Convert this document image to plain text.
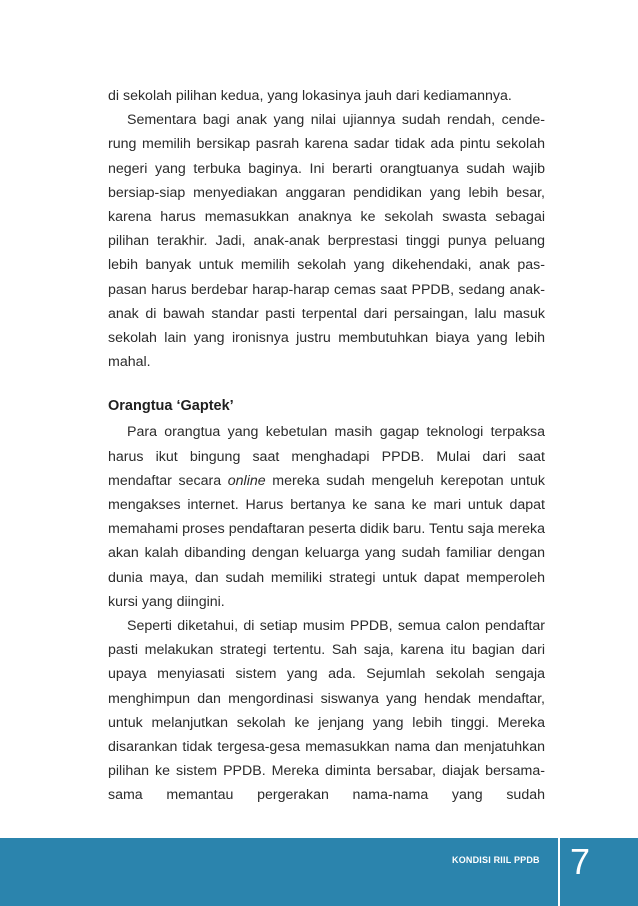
di sekolah pilihan kedua, yang lokasinya jauh dari kediamannya.

Sementara bagi anak yang nilai ujiannya sudah rendah, cenderung memilih bersikap pasrah karena sadar tidak ada pintu sekolah negeri yang terbuka baginya. Ini berarti orangtuanya sudah wajib bersiap-siap menyediakan anggaran pendidikan yang lebih besar, karena harus memasukkan anaknya ke sekolah swasta sebagai pilihan terakhir. Jadi, anak-anak berprestasi tinggi punya peluang lebih banyak untuk memilih sekolah yang dikehendaki, anak paspasan harus berdebar harap-harap cemas saat PPDB, sedang anak-anak di bawah standar pasti terpental dari persaingan, lalu masuk sekolah lain yang ironisnya justru membutuhkan biaya yang lebih mahal.

Orangtua ‘Gaptek’

Para orangtua yang kebetulan masih gagap teknologi terpaksa harus ikut bingung saat menghadapi PPDB. Mulai dari saat mendaftar secara online mereka sudah mengeluh kerepotan untuk mengakses internet. Harus bertanya ke sana ke mari untuk dapat memahami proses pendaftaran peserta didik baru. Tentu saja mereka akan kalah dibanding dengan keluarga yang sudah familiar dengan dunia maya, dan sudah memiliki strategi untuk dapat memperoleh kursi yang diingini.

Seperti diketahui, di setiap musim PPDB, semua calon pendaftar pasti melakukan strategi tertentu. Sah saja, karena itu bagian dari upaya menyiasati sistem yang ada. Sejumlah sekolah sengaja menghimpun dan mengordinasi siswanya yang hendak mendaftar, untuk melanjutkan sekolah ke jenjang yang lebih tinggi. Mereka disarankan tidak tergesa-gesa memasukkan nama dan menjatuhkan pilihan ke sistem PPDB. Mereka diminta bersabar, diajak bersama-sama memantau pergerakan nama-nama yang sudah

KONDISI RIIL PPDB 7
